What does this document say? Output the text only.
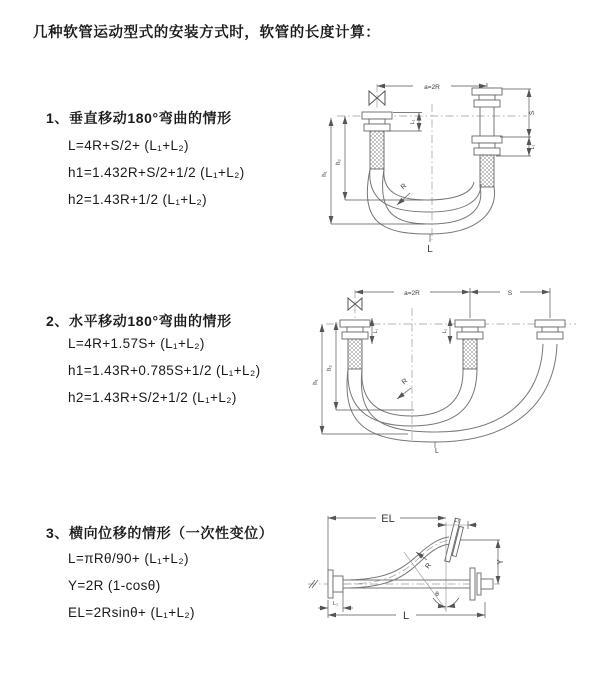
几种软管运动型式的安装方式时，软管的长度计算：
1、垂直移动180°弯曲的情形
L=4R+S/2+ (L₁+L₂)
h1=1.432R+S/2+1/2 (L₁+L₂)
h2=1.43R+1/2 (L₁+L₂)
a=2R
S
L₁
L₁
h₂
h₁
R
L
2、水平移动180°弯曲的情形
L=4R+1.57S+ (L₁+L₂)
h1=1.43R+0.785S+1/2 (L₁+L₂)
h2=1.43R+S/2+1/2 (L₁+L₂)
a=2R	S
L₁	L₁
h₂
h₁	R
L
3、横向位移的情形（一次性变位）
L=πRθ/90+ (L₁+L₂)
Y=2R (1-cosθ)
EL=2Rsinθ+ (L₁+L₂)
EL	L₁
Y
R
θ
L₁
L
